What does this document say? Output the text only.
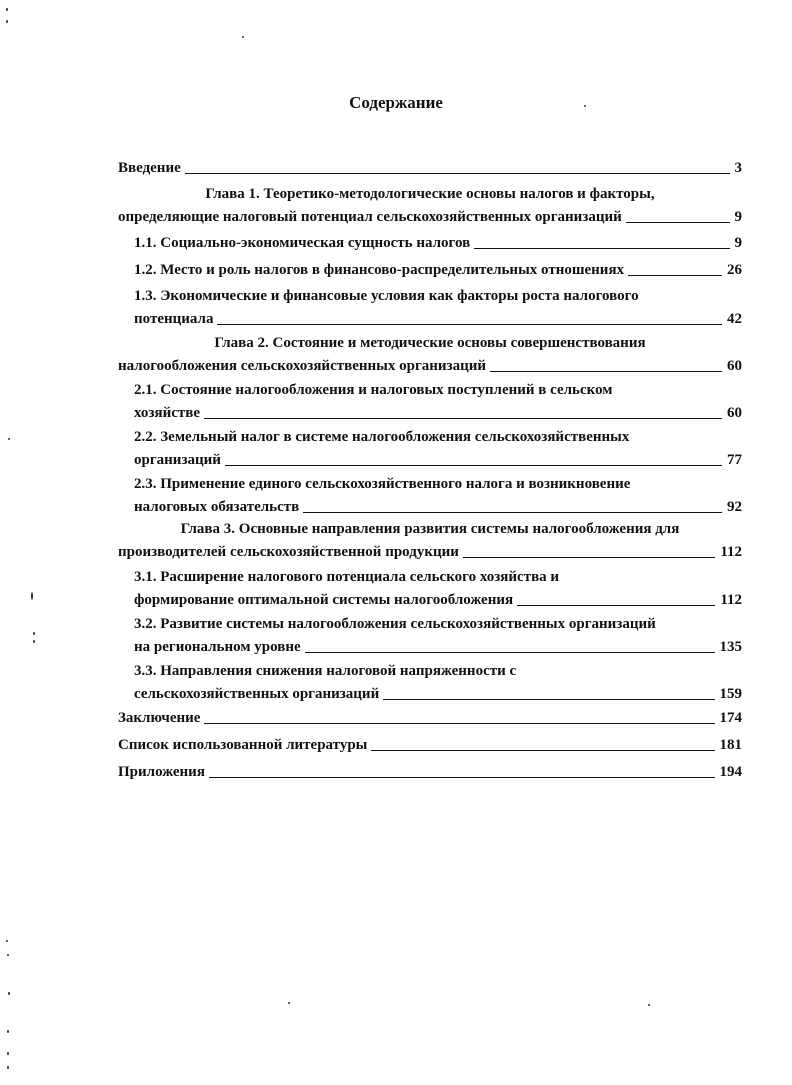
Содержание
Введение	3
Глава 1. Теоретико-методологические основы налогов и факторы,
определяющие налоговый потенциал сельскохозяйственных организаций	9
1.1. Социально-экономическая сущность налогов	9
1.2. Место и роль налогов в финансово-распределительных отношениях	26
1.3. Экономические и финансовые условия как факторы роста налогового
потенциала	42
Глава 2. Состояние и методические основы совершенствования
налогообложения сельскохозяйственных организаций	60
2.1. Состояние налогообложения и налоговых поступлений в сельском
хозяйстве	60
2.2. Земельный налог в системе налогообложения сельскохозяйственных
организаций	77
2.3. Применение единого сельскохозяйственного налога и возникновение
налоговых обязательств	92
Глава 3. Основные направления развития системы налогообложения для
производителей сельскохозяйственной продукции	112
3.1. Расширение налогового потенциала сельского хозяйства и
формирование оптимальной системы налогообложения	112
3.2. Развитие системы налогообложения сельскохозяйственных организаций
на региональном уровне	135
3.3. Направления снижения налоговой напряженности с
сельскохозяйственных организаций	159
Заключение	174
Список использованной литературы	181
Приложения	194
